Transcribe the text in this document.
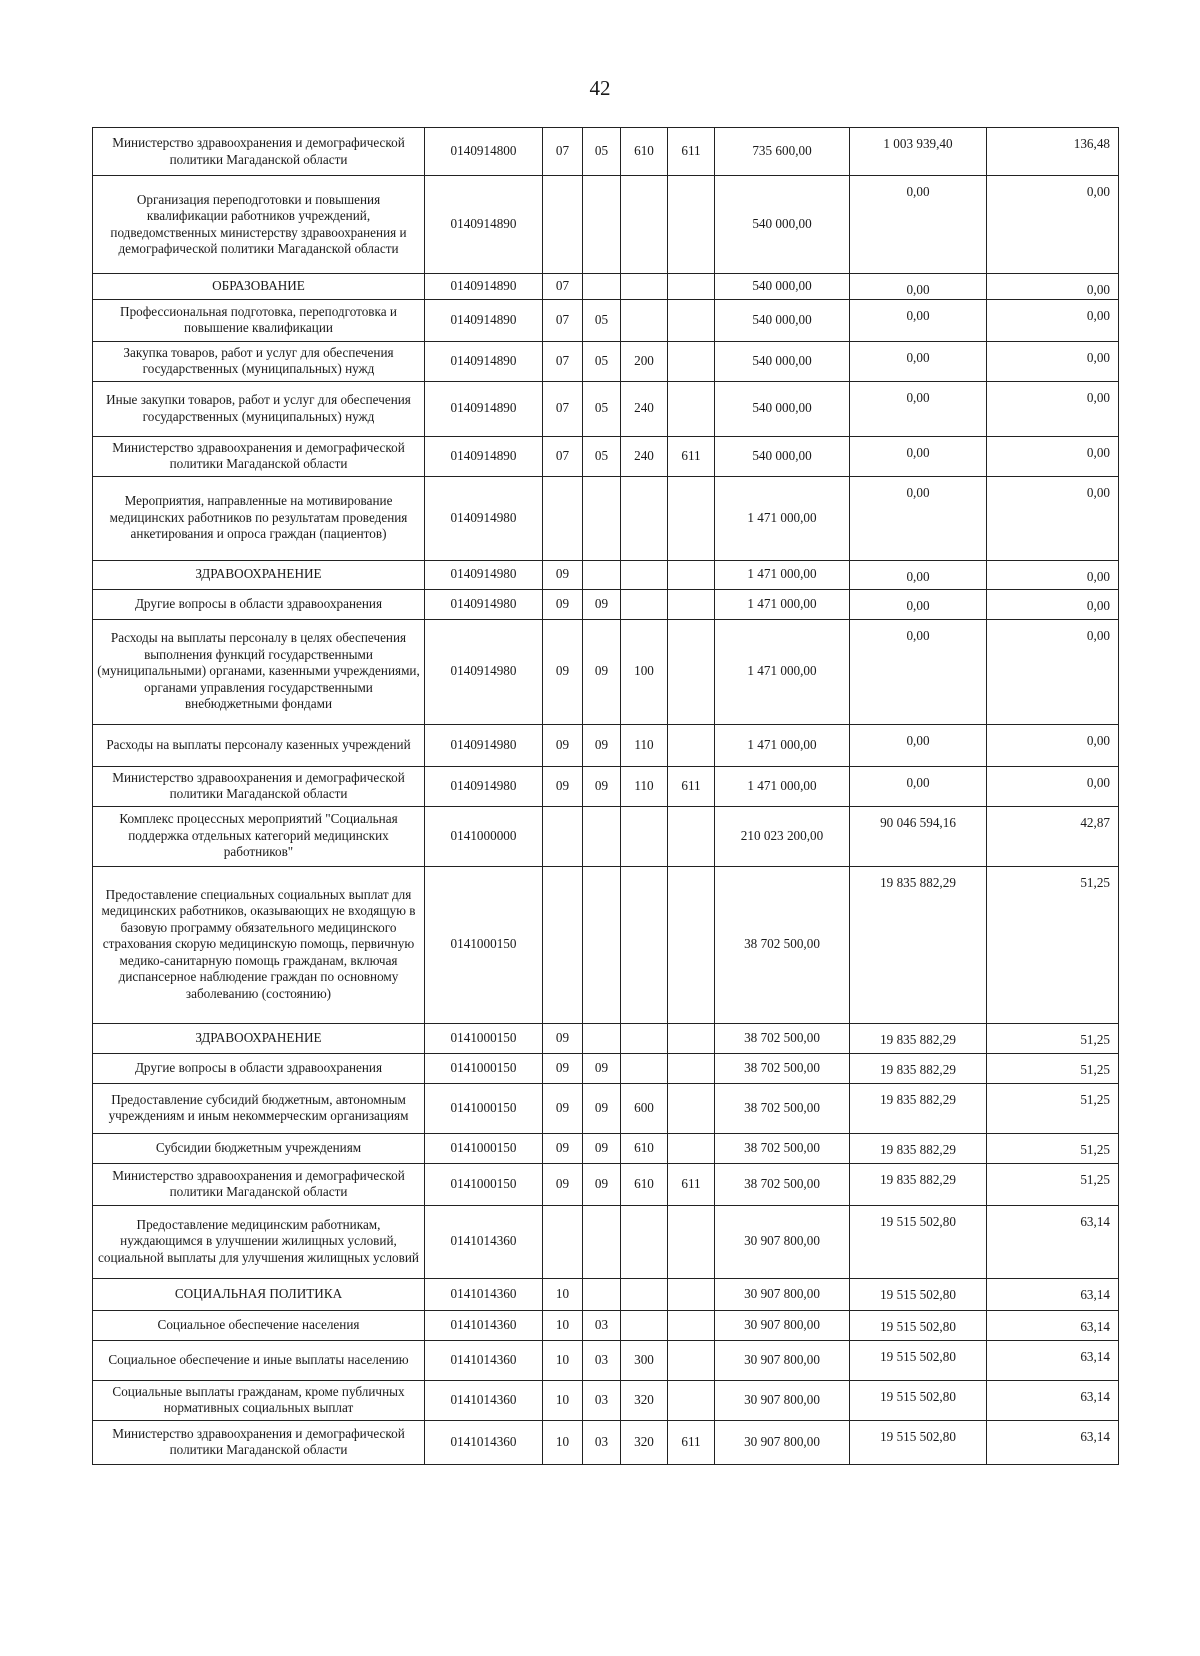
42
Министерство здравоохранения и демографической политики Магаданской области	0140914800	07	05	610	611	735 600,00	1 003 939,40	136,48
Организация переподготовки и повышения квалификации работников учреждений, подведомственных министерству здравоохранения и демографической политики Магаданской области	0140914890					540 000,00	0,00	0,00
ОБРАЗОВАНИЕ	0140914890	07				540 000,00	0,00	0,00
Профессиональная подготовка, переподготовка и повышение квалификации	0140914890	07	05			540 000,00	0,00	0,00
Закупка товаров, работ и услуг для обеспечения государственных (муниципальных) нужд	0140914890	07	05	200		540 000,00	0,00	0,00
Иные закупки товаров, работ и услуг для обеспечения государственных (муниципальных) нужд	0140914890	07	05	240		540 000,00	0,00	0,00
Министерство здравоохранения и демографической политики Магаданской области	0140914890	07	05	240	611	540 000,00	0,00	0,00
Мероприятия, направленные на мотивирование медицинских работников по результатам проведения анкетирования и опроса граждан (пациентов)	0140914980					1 471 000,00	0,00	0,00
ЗДРАВООХРАНЕНИЕ	0140914980	09				1 471 000,00	0,00	0,00
Другие вопросы в области здравоохранения	0140914980	09	09			1 471 000,00	0,00	0,00
Расходы на выплаты персоналу в целях обеспечения выполнения функций государственными (муниципальными) органами, казенными учреждениями, органами управления государственными внебюджетными фондами	0140914980	09	09	100		1 471 000,00	0,00	0,00
Расходы на выплаты персоналу казенных учреждений	0140914980	09	09	110		1 471 000,00	0,00	0,00
Министерство здравоохранения и демографической политики Магаданской области	0140914980	09	09	110	611	1 471 000,00	0,00	0,00
Комплекс процессных мероприятий "Социальная поддержка отдельных категорий медицинских работников"	0141000000					210 023 200,00	90 046 594,16	42,87
Предоставление специальных социальных выплат для медицинских работников, оказывающих не входящую в базовую программу обязательного медицинского страхования скорую медицинскую помощь, первичную медико-санитарную помощь гражданам, включая диспансерное наблюдение граждан по основному заболеванию (состоянию)	0141000150					38 702 500,00	19 835 882,29	51,25
ЗДРАВООХРАНЕНИЕ	0141000150	09				38 702 500,00	19 835 882,29	51,25
Другие вопросы в области здравоохранения	0141000150	09	09			38 702 500,00	19 835 882,29	51,25
Предоставление субсидий бюджетным, автономным учреждениям и иным некоммерческим организациям	0141000150	09	09	600		38 702 500,00	19 835 882,29	51,25
Субсидии бюджетным учреждениям	0141000150	09	09	610		38 702 500,00	19 835 882,29	51,25
Министерство здравоохранения и демографической политики Магаданской области	0141000150	09	09	610	611	38 702 500,00	19 835 882,29	51,25
Предоставление медицинским работникам, нуждающимся в улучшении жилищных условий, социальной выплаты для улучшения жилищных условий	0141014360					30 907 800,00	19 515 502,80	63,14
СОЦИАЛЬНАЯ ПОЛИТИКА	0141014360	10				30 907 800,00	19 515 502,80	63,14
Социальное обеспечение населения	0141014360	10	03			30 907 800,00	19 515 502,80	63,14
Социальное обеспечение и иные выплаты населению	0141014360	10	03	300		30 907 800,00	19 515 502,80	63,14
Социальные выплаты гражданам, кроме публичных нормативных социальных выплат	0141014360	10	03	320		30 907 800,00	19 515 502,80	63,14
Министерство здравоохранения и демографической политики Магаданской области	0141014360	10	03	320	611	30 907 800,00	19 515 502,80	63,14
